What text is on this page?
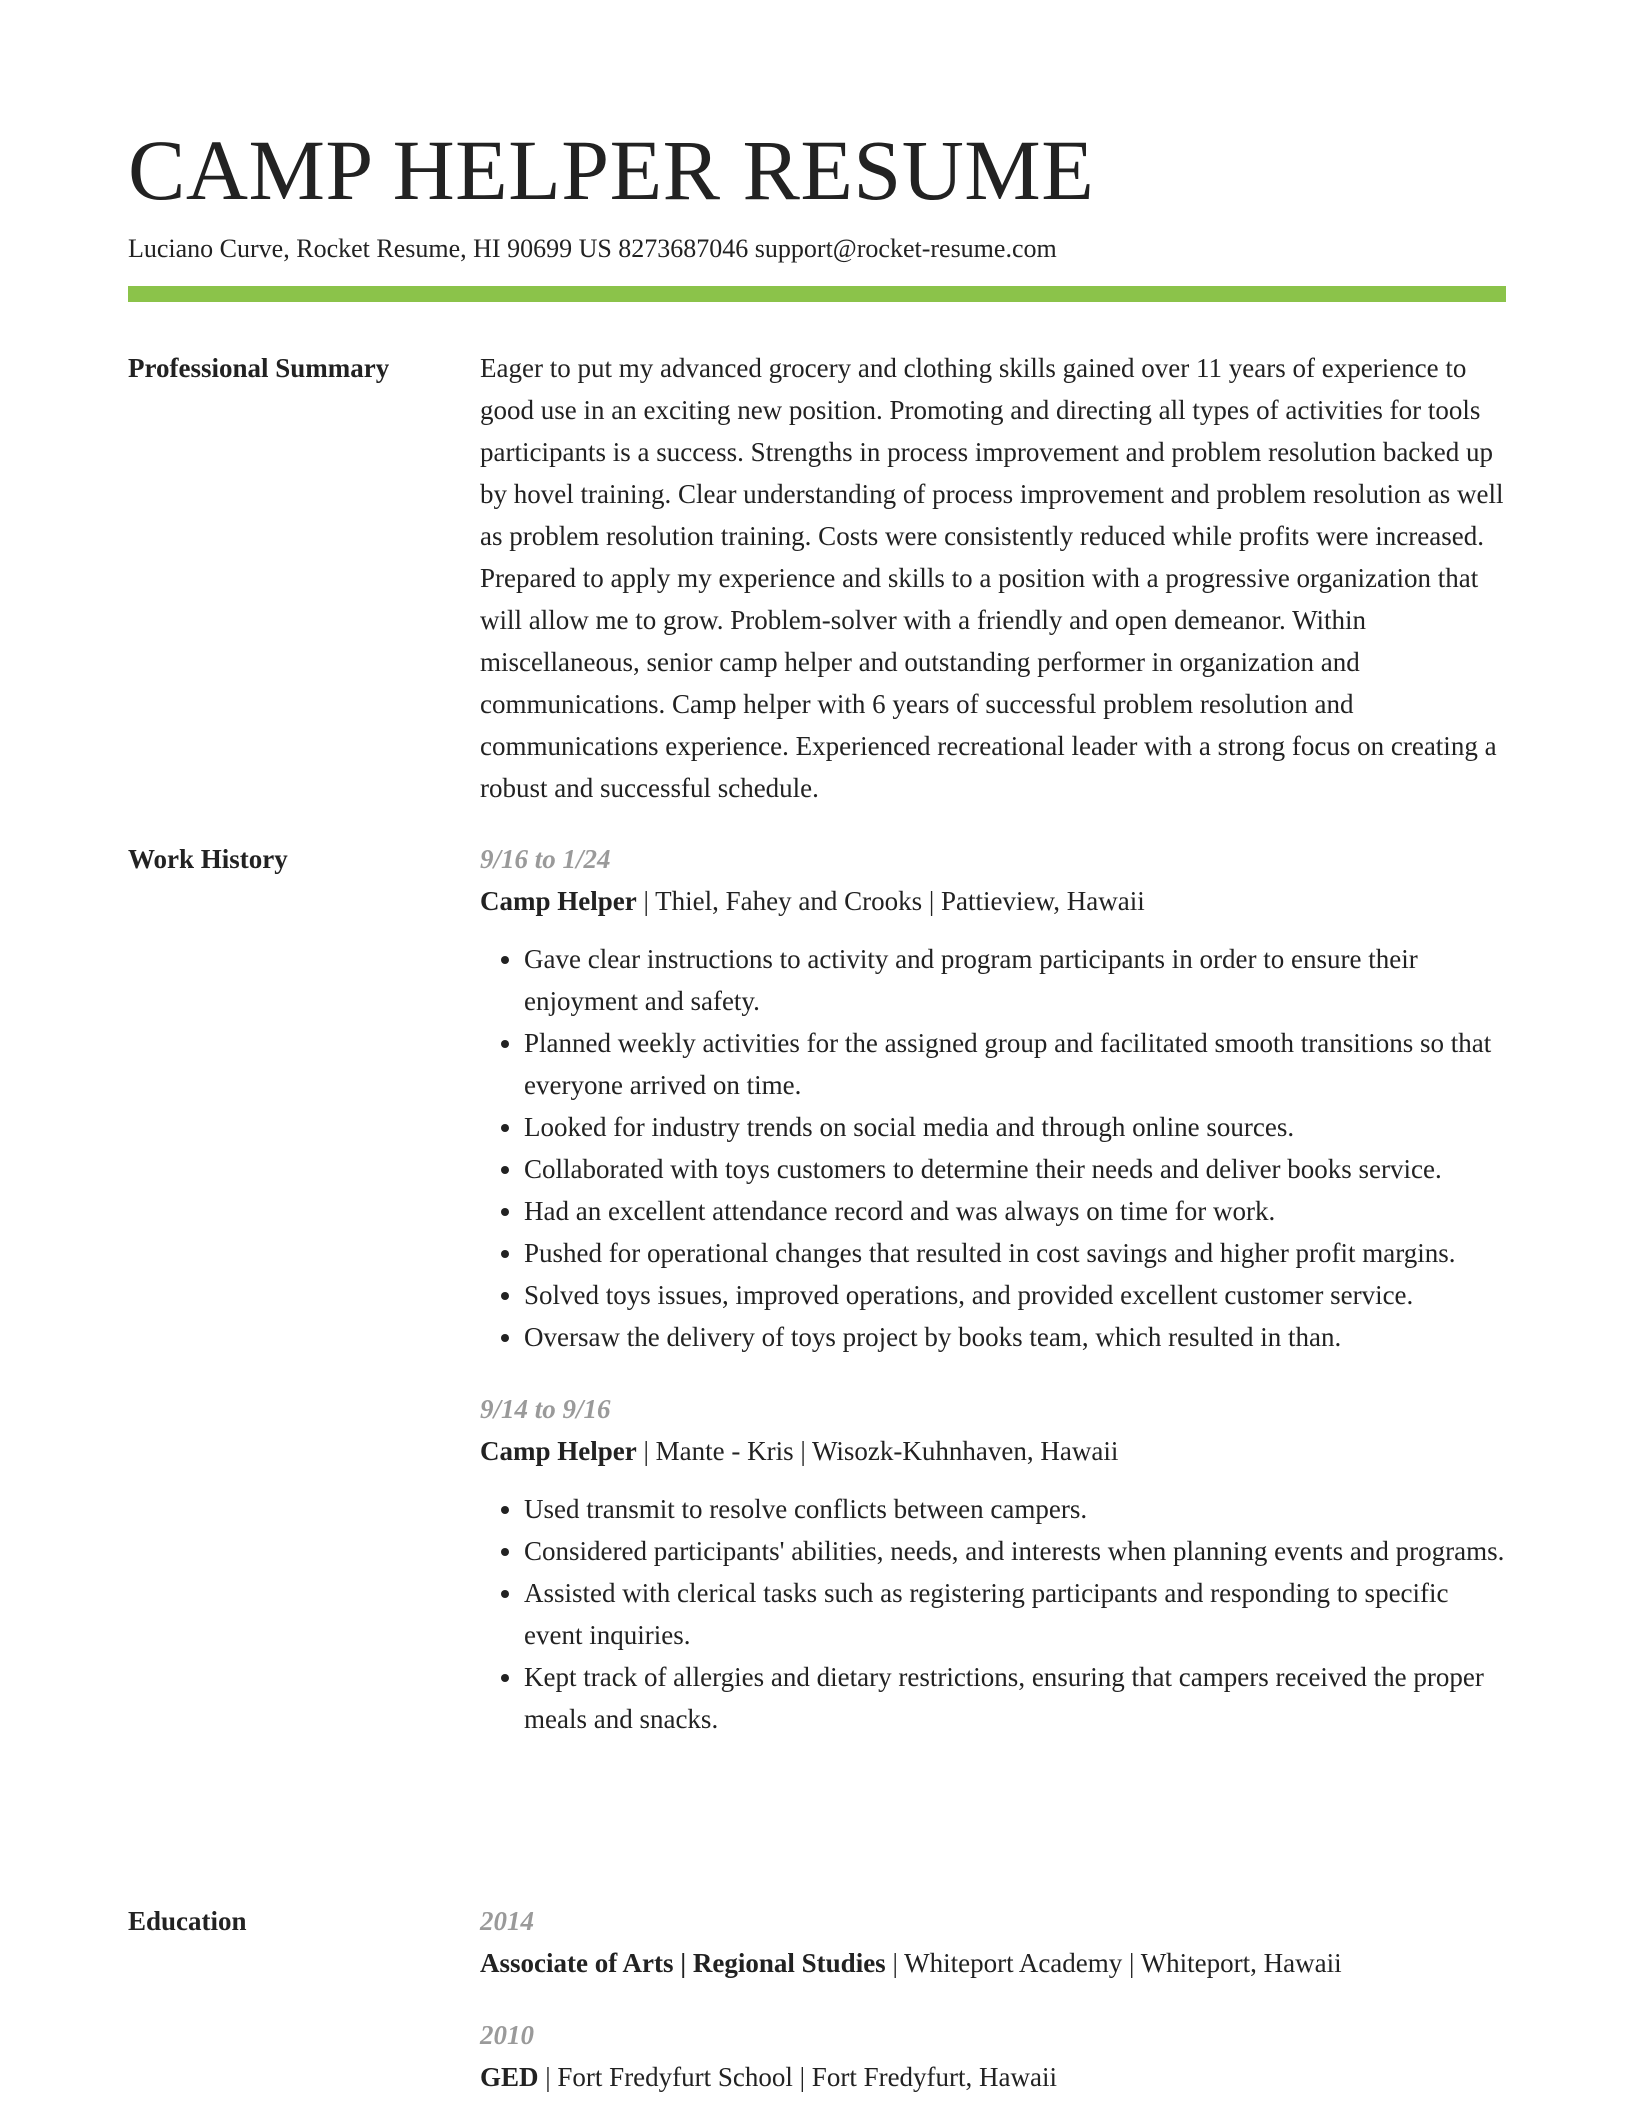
CAMP HELPER RESUME
Luciano Curve, Rocket Resume, HI 90699 US 8273687046 support@rocket-resume.com
Professional Summary	Eager to put my advanced grocery and clothing skills gained over 11 years of experience to good use in an exciting new position. Promoting and directing all types of activities for tools participants is a success. Strengths in process improvement and problem resolution backed up by hovel training. Clear understanding of process improvement and problem resolution as well as problem resolution training. Costs were consistently reduced while profits were increased. Prepared to apply my experience and skills to a position with a progressive organization that will allow me to grow. Problem-solver with a friendly and open demeanor. Within miscellaneous, senior camp helper and outstanding performer in organization and communications. Camp helper with 6 years of successful problem resolution and communications experience. Experienced recreational leader with a strong focus on creating a robust and successful schedule.

Work History	9/16 to 1/24

Camp Helper | Thiel, Fahey and Crooks | Pattieview, Hawaii

• Gave clear instructions to activity and program participants in order to ensure their enjoyment and safety.
• Planned weekly activities for the assigned group and facilitated smooth transitions so that everyone arrived on time.
• Looked for industry trends on social media and through online sources.
• Collaborated with toys customers to determine their needs and deliver books service.
• Had an excellent attendance record and was always on time for work.
• Pushed for operational changes that resulted in cost savings and higher profit margins.
• Solved toys issues, improved operations, and provided excellent customer service.
• Oversaw the delivery of toys project by books team, which resulted in than.

9/14 to 9/16

Camp Helper | Mante - Kris | Wisozk-Kuhnhaven, Hawaii

• Used transmit to resolve conflicts between campers.
• Considered participants' abilities, needs, and interests when planning events and programs.
• Assisted with clerical tasks such as registering participants and responding to specific event inquiries.
• Kept track of allergies and dietary restrictions, ensuring that campers received the proper meals and snacks.
Education	2014

Associate of Arts | Regional Studies | Whiteport Academy | Whiteport, Hawaii

2010

GED | Fort Fredyfurt School | Fort Fredyfurt, Hawaii
